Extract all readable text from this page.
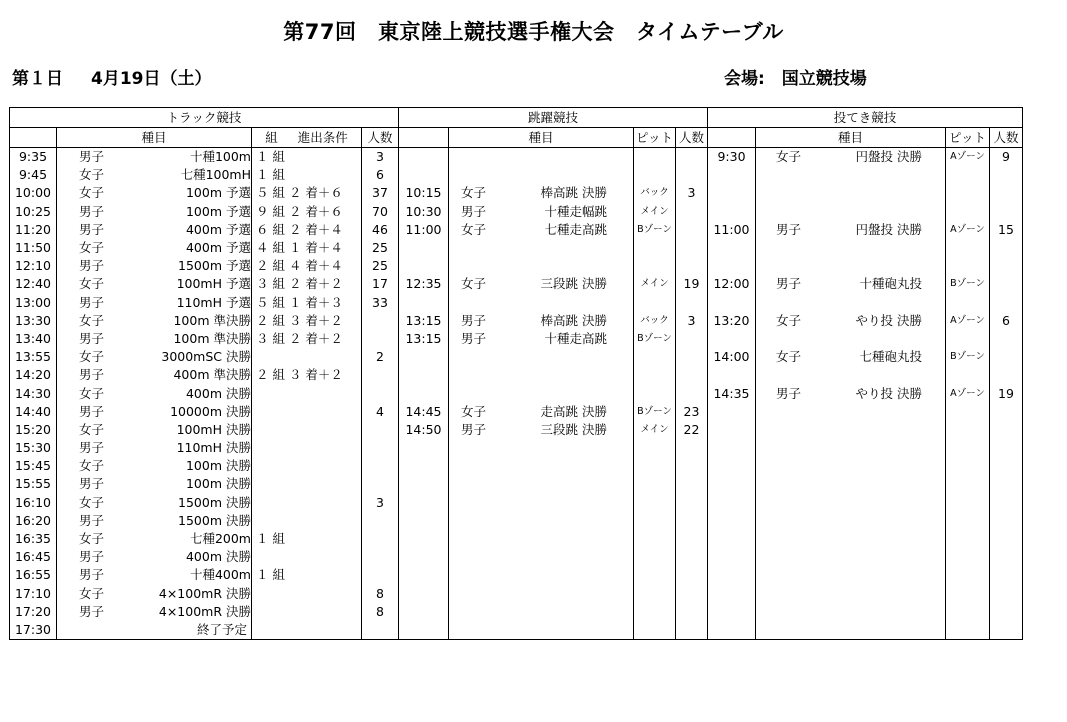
第77回　東京陸上競技選手権大会　タイムテーブル
第１日 4月19日（土）	会場:　国立競技場
トラック競技				跳躍競技				投てき競技			
	種目	組 進出条件	人数		種目	ピット	人数		種目	ピット	人数
9:35	男子 十種100m	１ 組	3					9:30	女子 円盤投 決勝	Aゾーン	9
9:45	女子 七種100mH	１ 組	6								
10:00	女子 100m 予選	５ 組 ２ 着＋６	37	10:15	女子 棒高跳 決勝	バック	3				
10:25	男子 100m 予選	９ 組 ２ 着＋６	70	10:30	男子 十種走幅跳	メイン					
11:20	男子 400m 予選	６ 組 ２ 着＋４	46	11:00	女子 七種走高跳	Bゾーン		11:00	男子 円盤投 決勝	Aゾーン	15
11:50	女子 400m 予選	４ 組 １ 着＋４	25								
12:10	男子 1500m 予選	２ 組 ４ 着＋４	25								
12:40	女子 100mH 予選	３ 組 ２ 着＋２	17	12:35	女子 三段跳 決勝	メイン	19	12:00	男子 十種砲丸投	Bゾーン	
13:00	男子 110mH 予選	５ 組 １ 着＋３	33								
13:30	女子 100m 準決勝	２ 組 ３ 着＋２		13:15	男子 棒高跳 決勝	バック	3	13:20	女子 やり投 決勝	Aゾーン	6
13:40	男子 100m 準決勝	３ 組 ２ 着＋２		13:15	男子 十種走高跳	Bゾーン					
13:55	女子 3000mSC 決勝		2					14:00	女子 七種砲丸投	Bゾーン	
14:20	男子 400m 準決勝	２ 組 ３ 着＋２									
14:30	女子 400m 決勝							14:35	男子 やり投 決勝	Aゾーン	19
14:40	男子 10000m 決勝		4	14:45	女子 走高跳 決勝	Bゾーン	23				
15:20	女子 100mH 決勝			14:50	男子 三段跳 決勝	メイン	22				
15:30	男子 110mH 決勝										
15:45	女子 100m 決勝										
15:55	男子 100m 決勝										
16:10	女子 1500m 決勝		3								
16:20	男子 1500m 決勝										
16:35	女子 七種200m	１ 組									
16:45	男子 400m 決勝										
16:55	男子 十種400m	１ 組									
17:10	女子 4×100mR 決勝		8								
17:20	男子 4×100mR 決勝		8								
17:30	終了予定										
